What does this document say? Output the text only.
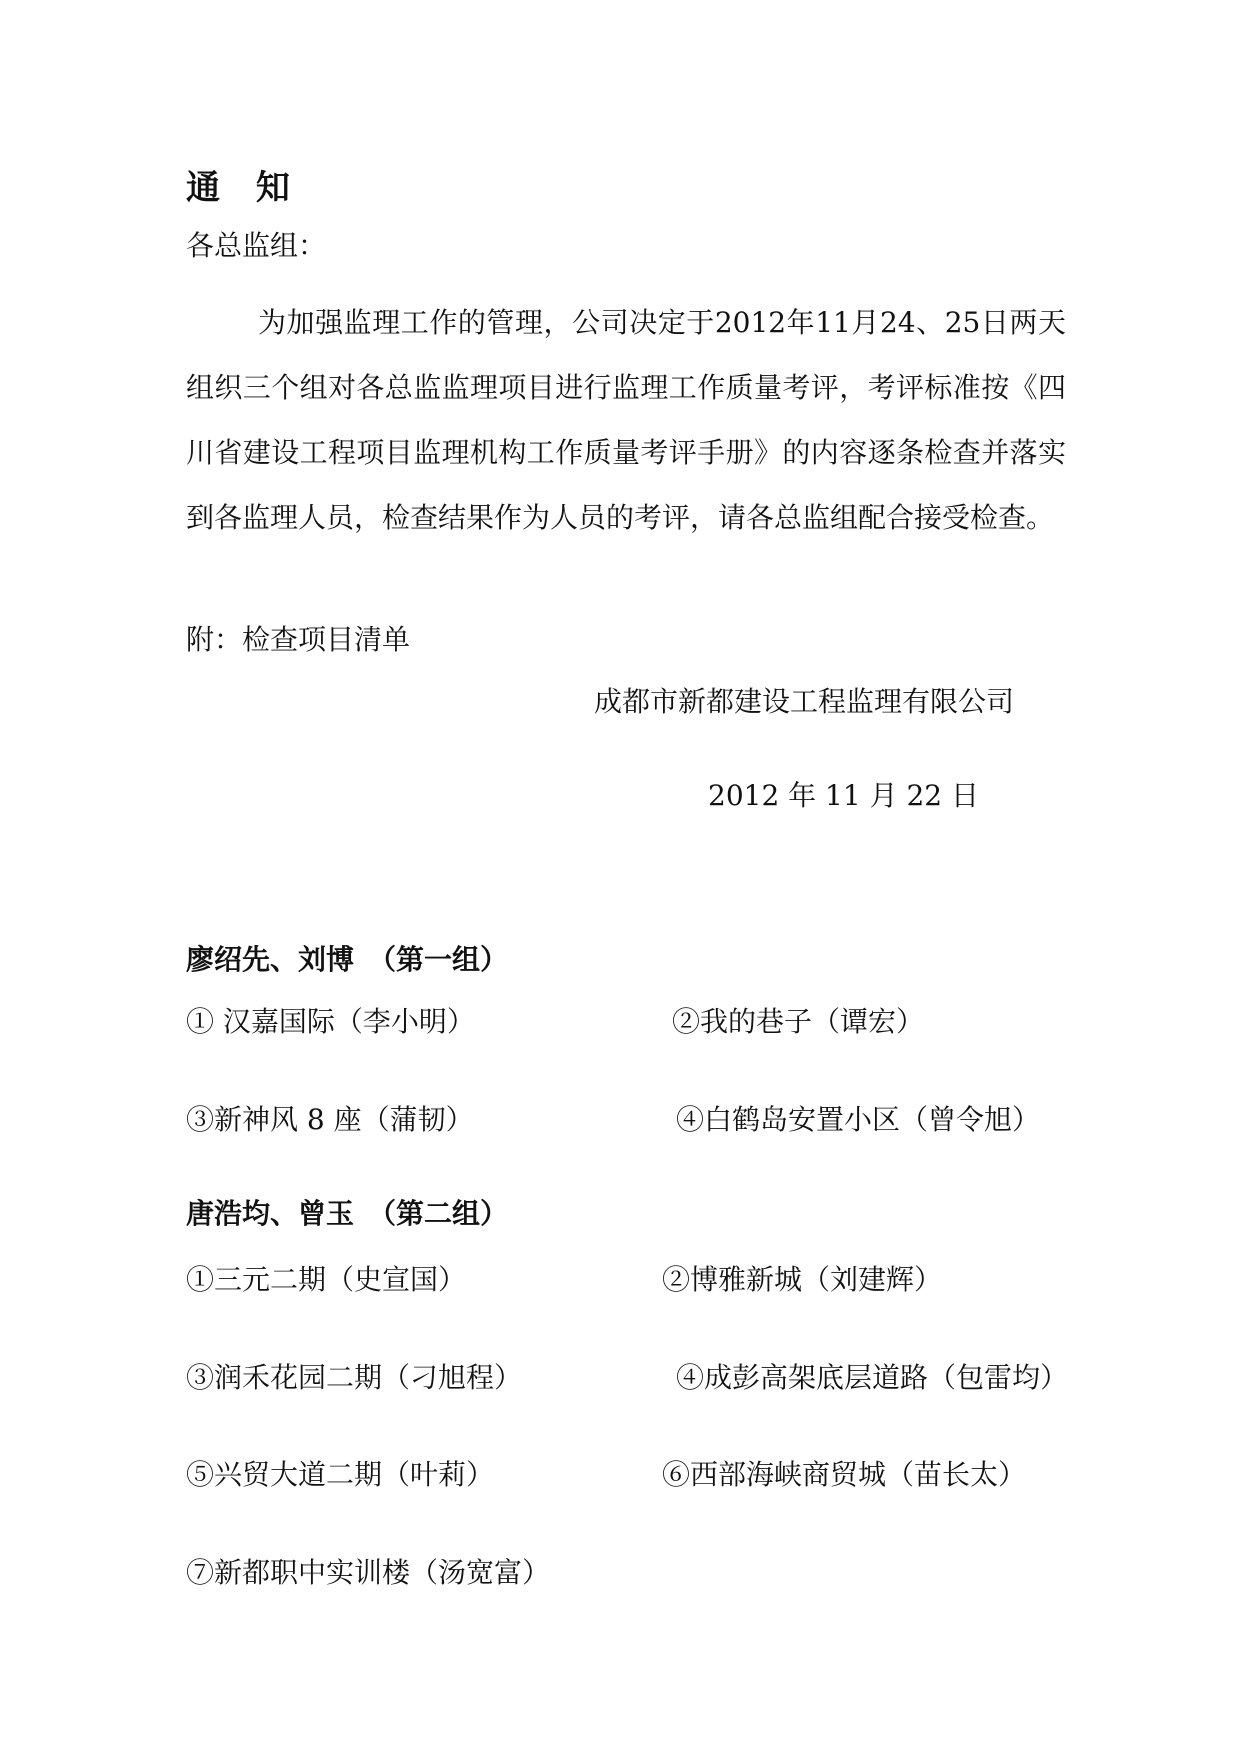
通 知
各总监组：
为加强监理工作的管理，公司决定于2012年11月24、25日两天组织三个组对各总监监理项目进行监理工作质量考评，考评标准按《四川省建设工程项目监理机构工作质量考评手册》的内容逐条检查并落实到各监理人员，检查结果作为人员的考评，请各总监组配合接受检查。
附：检查项目清单
成都市新都建设工程监理有限公司
2012 年 11 月 22 日
廖绍先、刘博　（第一组）
① 汉嘉国际（李小明）	②我的巷子（谭宏）
③新神风 8 座（蒲韧）	④白鹤岛安置小区（曾令旭）
唐浩均、曾玉　（第二组）
①三元二期（史宣国）	②博雅新城（刘建辉）
③润禾花园二期（刁旭程）	④成彭高架底层道路（包雷均）
⑤兴贸大道二期（叶莉）	⑥西部海峡商贸城（苗长太）
⑦新都职中实训楼（汤宽富）
